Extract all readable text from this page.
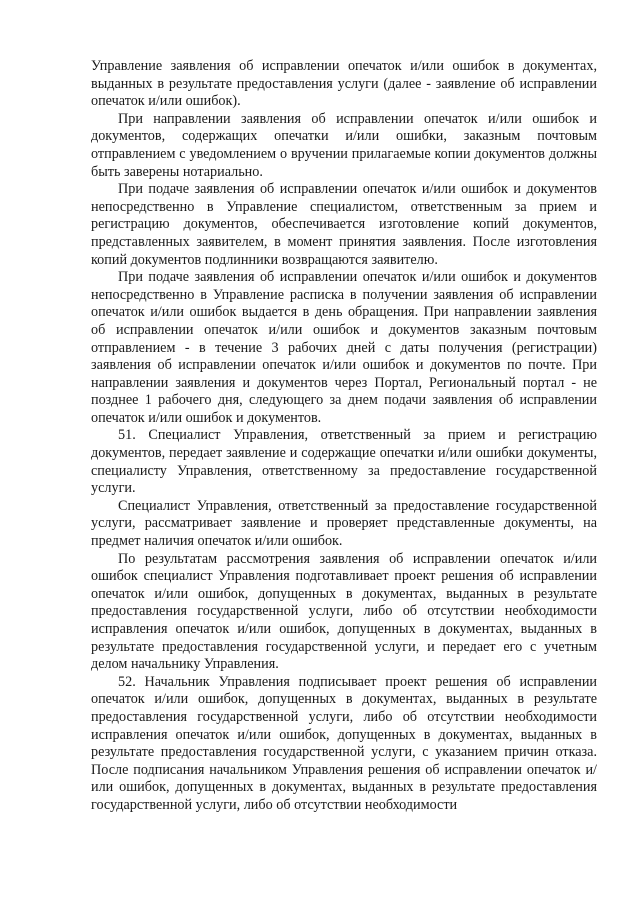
Управление заявления об исправлении опечаток и/или ошибок в документах, выданных в результате предоставления услуги (далее - заявление об исправлении опечаток и/или ошибок).

При направлении заявления об исправлении опечаток и/или ошибок и документов, содержащих опечатки и/или ошибки, заказным почтовым отправлением с уведомлением о вручении прилагаемые копии документов должны быть заверены нотариально.

При подаче заявления об исправлении опечаток и/или ошибок и документов непосредственно в Управление специалистом, ответственным за прием и регистрацию документов, обеспечивается изготовление копий документов, представленных заявителем, в момент принятия заявления. После изготовления копий документов подлинники возвращаются заявителю.

При подаче заявления об исправлении опечаток и/или ошибок и документов непосредственно в Управление расписка в получении заявления об исправлении опечаток и/или ошибок выдается в день обращения. При направлении заявления об исправлении опечаток и/или ошибок и документов заказным почтовым отправлением - в течение 3 рабочих дней с даты получения (регистрации) заявления об исправлении опечаток и/или ошибок и документов по почте. При направлении заявления и документов через Портал, Региональный портал - не позднее 1 рабочего дня, следующего за днем подачи заявления об исправлении опечаток и/или ошибок и документов.

51. Специалист Управления, ответственный за прием и регистрацию документов, передает заявление и содержащие опечатки и/или ошибки документы, специалисту Управления, ответственному за предоставление государственной услуги.

Специалист Управления, ответственный за предоставление государственной услуги, рассматривает заявление и проверяет представленные документы, на предмет наличия опечаток и/или ошибок.

По результатам рассмотрения заявления об исправлении опечаток и/или ошибок специалист Управления подготавливает проект решения об исправлении опечаток и/или ошибок, допущенных в документах, выданных в результате предоставления государственной услуги, либо об отсутствии необходимости исправления опечаток и/или ошибок, допущенных в документах, выданных в результате предоставления государственной услуги, и передает его с учетным делом начальнику Управления.

52. Начальник Управления подписывает проект решения об исправлении опечаток и/или ошибок, допущенных в документах, выданных в результате предоставления государственной услуги, либо об отсутствии необходимости исправления опечаток и/или ошибок, допущенных в документах, выданных в результате предоставления государственной услуги, с указанием причин отказа. После подписания начальником Управления решения об исправлении опечаток и/или ошибок, допущенных в документах, выданных в результате предоставления государственной услуги, либо об отсутствии необходимости
